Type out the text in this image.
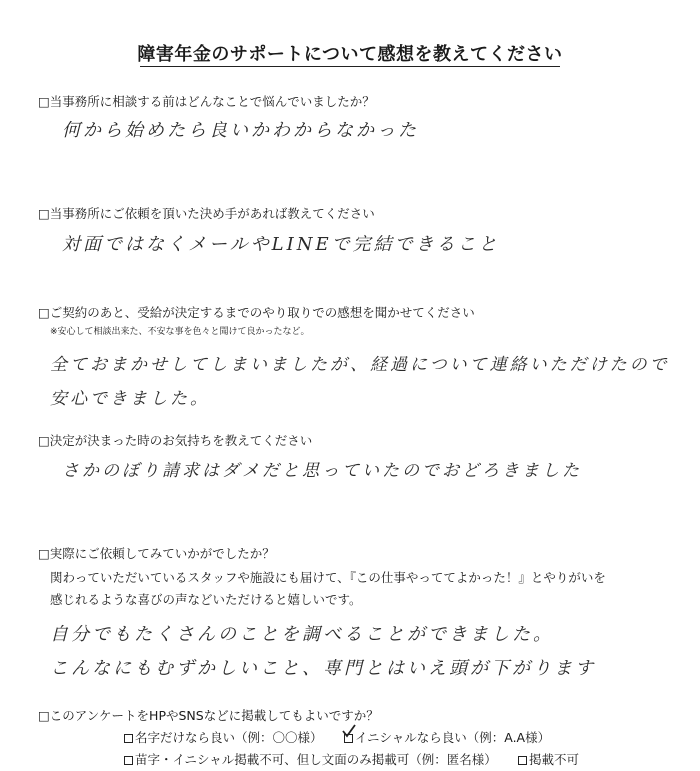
障害年金のサポートについて感想を教えてください
□当事務所に相談する前はどんなことで悩んでいましたか？
何から始めたら良いかわからなかった
□当事務所にご依頼を頂いた決め手があれば教えてください
対面ではなくメールやLINEで完結できること
□ご契約のあと、受給が決定するまでのやり取りでの感想を聞かせてください
※安心して相談出来た、不安な事を色々と聞けて良かったなど。
全ておまかせしてしまいましたが、経過について連絡いただけたので
安心できました。
□決定が決まった時のお気持ちを教えてください
さかのぼり請求はダメだと思っていたのでおどろきました
□実際にご依頼してみていかがでしたか？
関わっていただいているスタッフや施設にも届けて、『この仕事やっててよかった！』とやりがいを
感じれるような喜びの声などいただけると嬉しいです。
自分でもたくさんのことを調べることができました。
こんなにもむずかしいこと、専門とはいえ頭が下がります
□このアンケートをHPやSNSなどに掲載してもよいですか？
名字だけなら良い（例：〇〇様）	イニシャルなら良い（例：A.A様）
苗字・イニシャル掲載不可、但し文面のみ掲載可（例：匿名様）	掲載不可
